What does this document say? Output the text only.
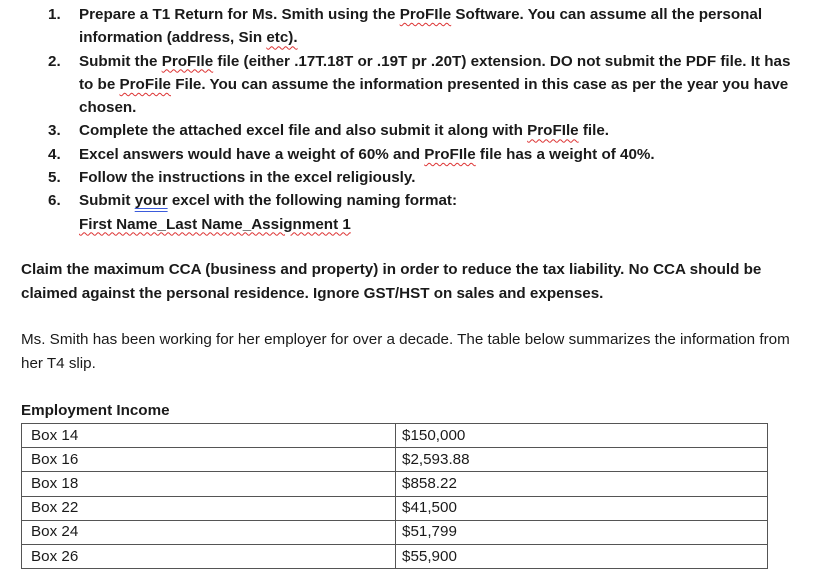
1. Prepare a T1 Return for Ms. Smith using the ProFIle Software. You can assume all the personal information (address, Sin etc).
2. Submit the ProFIle file (either .17T.18T or .19T pr .20T) extension. DO not submit the PDF file. It has to be ProFile File. You can assume the information presented in this case as per the year you have chosen.
3. Complete the attached excel file and also submit it along with ProFIle file.
4. Excel answers would have a weight of 60% and ProFIle file has a weight of 40%.
5. Follow the instructions in the excel religiously.
6. Submit your excel with the following naming format:
First Name_Last Name_Assignment 1

Claim the maximum CCA (business and property) in order to reduce the tax liability. No CCA should be claimed against the personal residence. Ignore GST/HST on sales and expenses.

Ms. Smith has been working for her employer for over a decade. The table below summarizes the information from her T4 slip.

Employment Income
Box 14	$150,000
Box 16	$2,593.88
Box 18	$858.22
Box 22	$41,500
Box 24	$51,799
Box 26	$55,900
